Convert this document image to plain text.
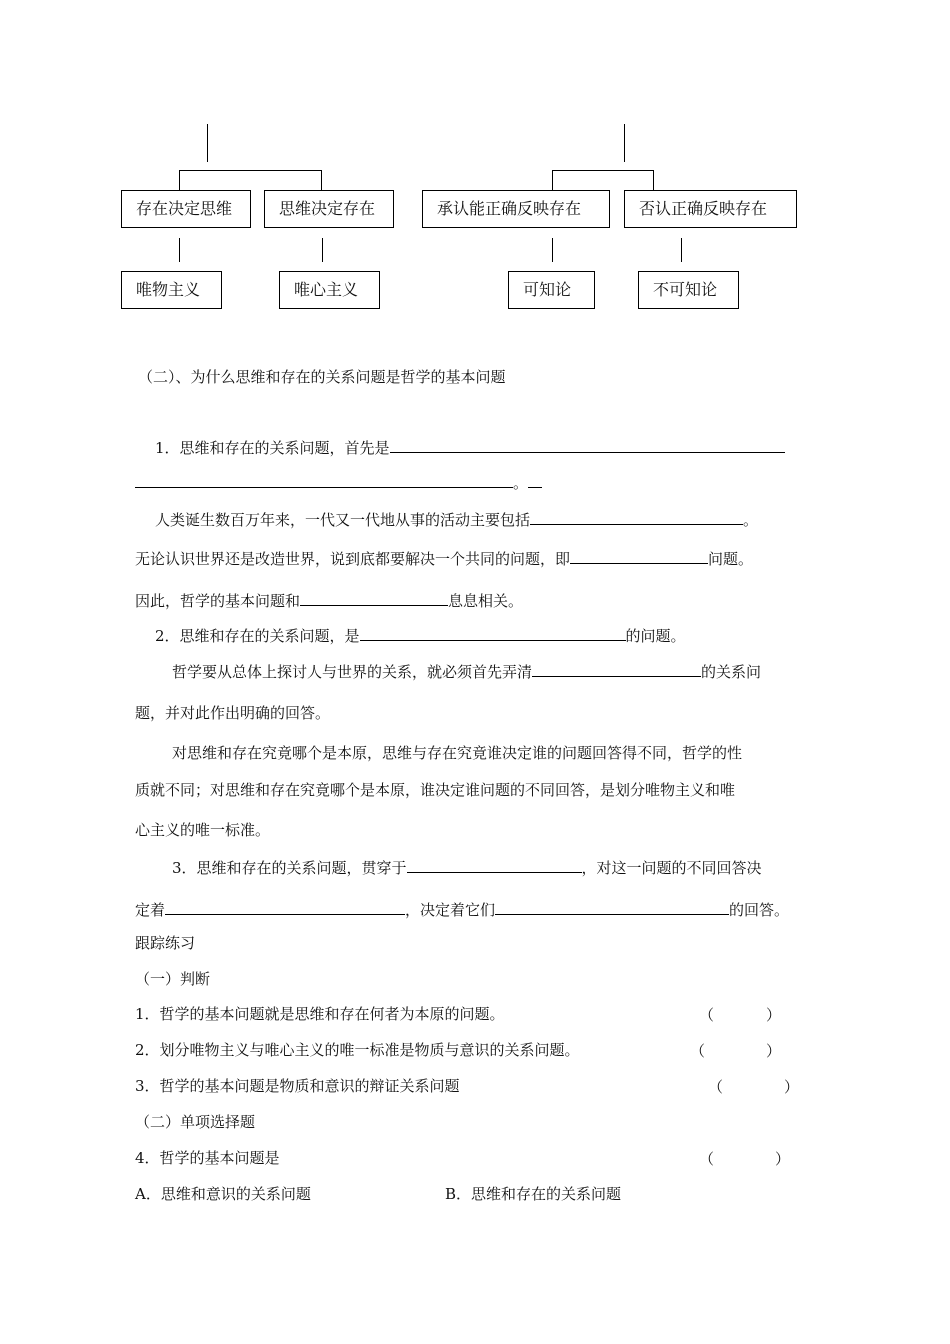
存在决定思维	思维决定存在
唯物主义	唯心主义
承认能正确反映存在	否认正确反映存在
可知论	不可知论
（二）、为什么思维和存在的关系问题是哲学的基本问题
1．思维和存在的关系问题，首先是
。
人类诞生数百万年来，一代又一代地从事的活动主要包括	。
无论认识世界还是改造世界，说到底都要解决一个共同的问题，即	问题。
因此，哲学的基本问题和	息息相关。
2．思维和存在的关系问题，是	的问题。
哲学要从总体上探讨人与世界的关系，就必须首先弄清	的关系问
题，并对此作出明确的回答。
对思维和存在究竟哪个是本原，思维与存在究竟谁决定谁的问题回答得不同，哲学的性
质就不同；对思维和存在究竟哪个是本原，谁决定谁问题的不同回答，是划分唯物主义和唯
心主义的唯一标准。
3．思维和存在的关系问题，贯穿于	，对这一问题的不同回答决
定着	，决定着它们	的回答。
跟踪练习
（一）判断
1．哲学的基本问题就是思维和存在何者为本原的问题。	（	）
2．划分唯物主义与唯心主义的唯一标准是物质与意识的关系问题。	（	）
3．哲学的基本问题是物质和意识的辩证关系问题	（	）
（二）单项选择题
4．哲学的基本问题是	（	）
A．思维和意识的关系问题	B．思维和存在的关系问题
